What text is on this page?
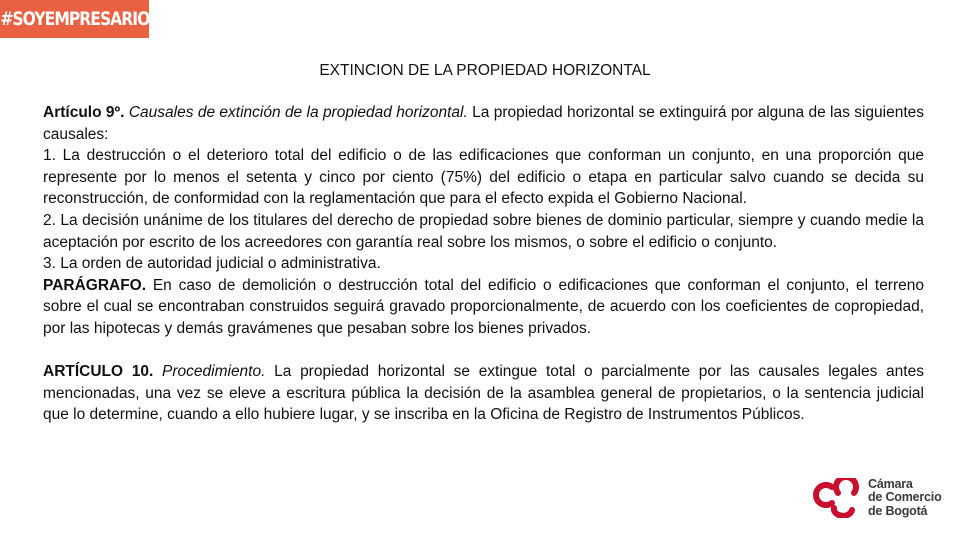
#SOYEMPRESARIO
EXTINCION DE LA PROPIEDAD HORIZONTAL

Artículo 9º. Causales de extinción de la propiedad horizontal. La propiedad horizontal se extinguirá por alguna de las siguientes causales:

1. La destrucción o el deterioro total del edificio o de las edificaciones que conforman un conjunto, en una proporción que represente por lo menos el setenta y cinco por ciento (75%) del edificio o etapa en particular salvo cuando se decida su reconstrucción, de conformidad con la reglamentación que para el efecto expida el Gobierno Nacional.

2. La decisión unánime de los titulares del derecho de propiedad sobre bienes de dominio particular, siempre y cuando medie la aceptación por escrito de los acreedores con garantía real sobre los mismos, o sobre el edificio o conjunto.

3. La orden de autoridad judicial o administrativa.

PARÁGRAFO. En caso de demolición o destrucción total del edificio o edificaciones que conforman el conjunto, el terreno sobre el cual se encontraban construidos seguirá gravado proporcionalmente, de acuerdo con los coeficientes de copropiedad, por las hipotecas y demás gravámenes que pesaban sobre los bienes privados.

ARTÍCULO 10. Procedimiento. La propiedad horizontal se extingue total o parcialmente por las causales legales antes mencionadas, una vez se eleve a escritura pública la decisión de la asamblea general de propietarios, o la sentencia judicial que lo determine, cuando a ello hubiere lugar, y se inscriba en la Oficina de Registro de Instrumentos Públicos.

Cámara
de Comercio
de Bogotá
